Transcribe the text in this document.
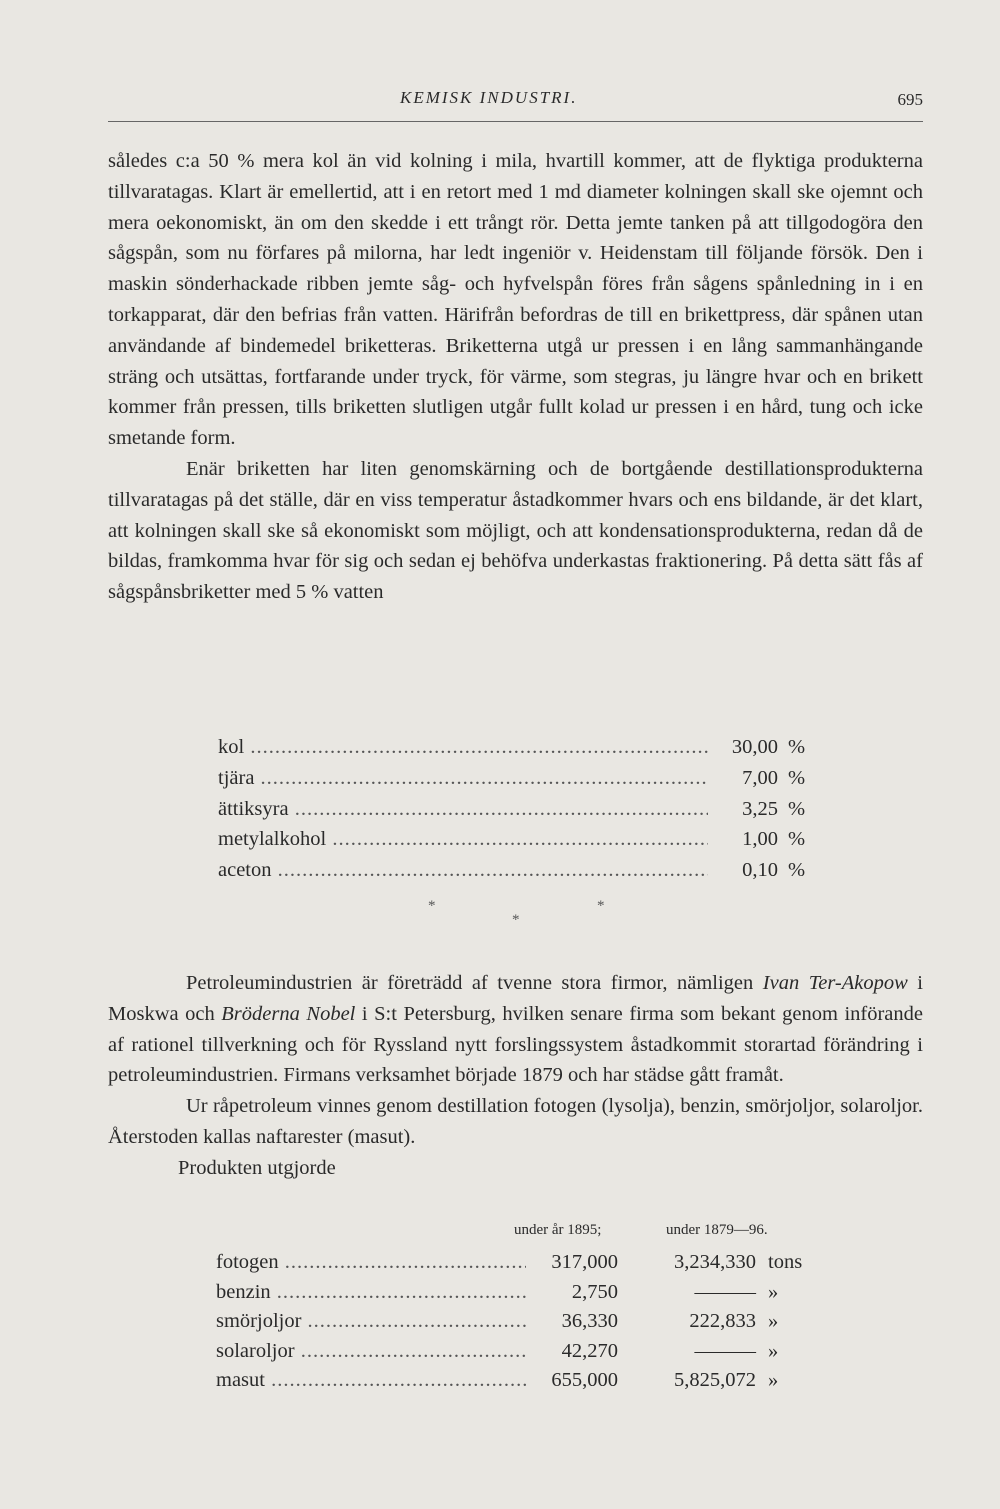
KEMISK INDUSTRI.	695

således c:a 50 % mera kol än vid kolning i mila, hvartill kommer, att de flyktiga produkterna tillvaratagas. Klart är emellertid, att i en retort med 1 md diameter kolningen skall ske ojemnt och mera oekonomiskt, än om den skedde i ett trångt rör. Detta jemte tanken på att tillgodogöra den sågspån, som nu förfares på milorna, har ledt ingeniör v. Heidenstam till följande försök. Den i maskin sönderhackade ribben jemte såg- och hyfvelspån föres från sågens spånledning in i en torkapparat, där den befrias från vatten. Härifrån befordras de till en brikettpress, där spånen utan användande af bindemedel briketteras. Briketterna utgå ur pressen i en lång sammanhängande sträng och utsättas, fortfarande under tryck, för värme, som stegras, ju längre hvar och en brikett kommer från pressen, tills briketten slutligen utgår fullt kolad ur pressen i en hård, tung och icke smetande form.

Enär briketten har liten genomskärning och de bortgående destillationsprodukterna tillvaratagas på det ställe, där en viss temperatur åstadkommer hvars och ens bildande, är det klart, att kolningen skall ske så ekonomiskt som möjligt, och att kondensationsprodukterna, redan då de bildas, framkomma hvar för sig och sedan ej behöfva underkastas fraktionering. På detta sätt fås af sågspånsbriketter med 5 % vatten

kol .....	30,00 %
tjära .....	7,00 %
ättiksyra .....	3,25 %
metylalkohol .....	1,00 %
aceton .....	0,10 %
*
*
*

Petroleumindustrien är företrädd af tvenne stora firmor, nämligen Ivan Ter-Akopow i Moskwa och Bröderna Nobel i S:t Petersburg, hvilken senare firma som bekant genom införande af rationel tillverkning och för Ryssland nytt forslingssystem åstadkommit storartad förändring i petroleumindustrien. Firmans verksamhet började 1879 och har städse gått framåt.

Ur råpetroleum vinnes genom destillation fotogen (lysolja), benzin, smörjoljor, solaroljor. Återstoden kallas naftarester (masut).

Produkten utgjorde

under år 1895;	under 1879—96.
fotogen .....	317,000	3,234,330 tons
benzin .....	2,750	——— »
smörjoljor .....	36,330	222,833 »
solaroljor .....	42,270	——— »
masut .....	655,000	5,825,072 »
